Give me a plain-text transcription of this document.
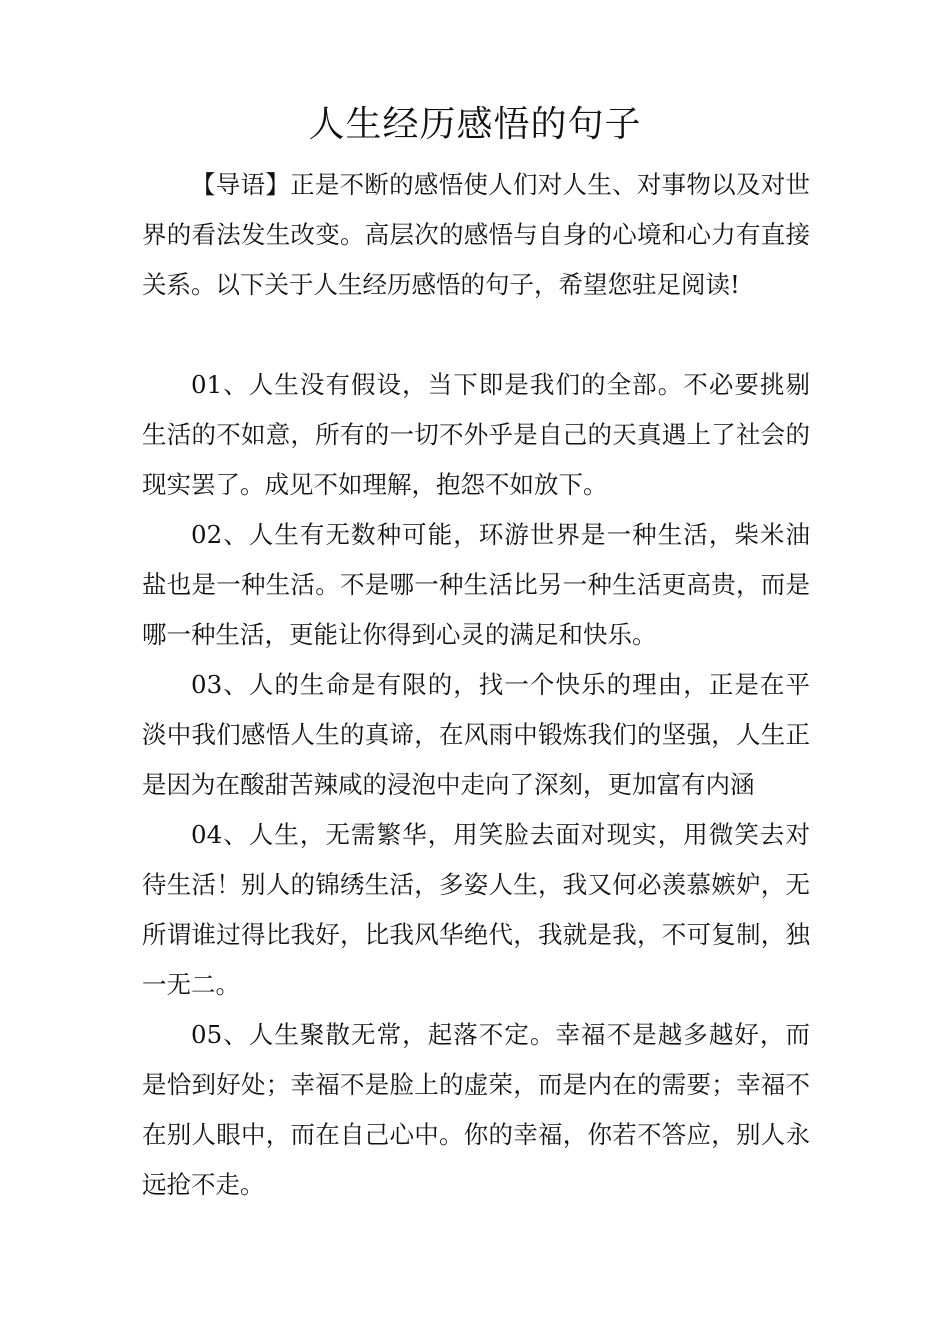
人生经历感悟的句子

【导语】正是不断的感悟使人们对人生、对事物以及对世界的看法发生改变。高层次的感悟与自身的心境和心力有直接关系。以下关于人生经历感悟的句子，希望您驻足阅读!

01、人生没有假设，当下即是我们的全部。不必要挑剔生活的不如意，所有的一切不外乎是自己的天真遇上了社会的现实罢了。成见不如理解，抱怨不如放下。

02、人生有无数种可能，环游世界是一种生活，柴米油盐也是一种生活。不是哪一种生活比另一种生活更高贵，而是哪一种生活，更能让你得到心灵的满足和快乐。

03、人的生命是有限的，找一个快乐的理由，正是在平淡中我们感悟人生的真谛，在风雨中锻炼我们的坚强，人生正是因为在酸甜苦辣咸的浸泡中走向了深刻，更加富有内涵

04、人生，无需繁华，用笑脸去面对现实，用微笑去对待生活！别人的锦绣生活，多姿人生，我又何必羡慕嫉妒，无所谓谁过得比我好，比我风华绝代，我就是我，不可复制，独一无二。

05、人生聚散无常，起落不定。幸福不是越多越好，而是恰到好处；幸福不是脸上的虚荣，而是内在的需要；幸福不在别人眼中，而在自己心中。你的幸福，你若不答应，别人永远抢不走。
